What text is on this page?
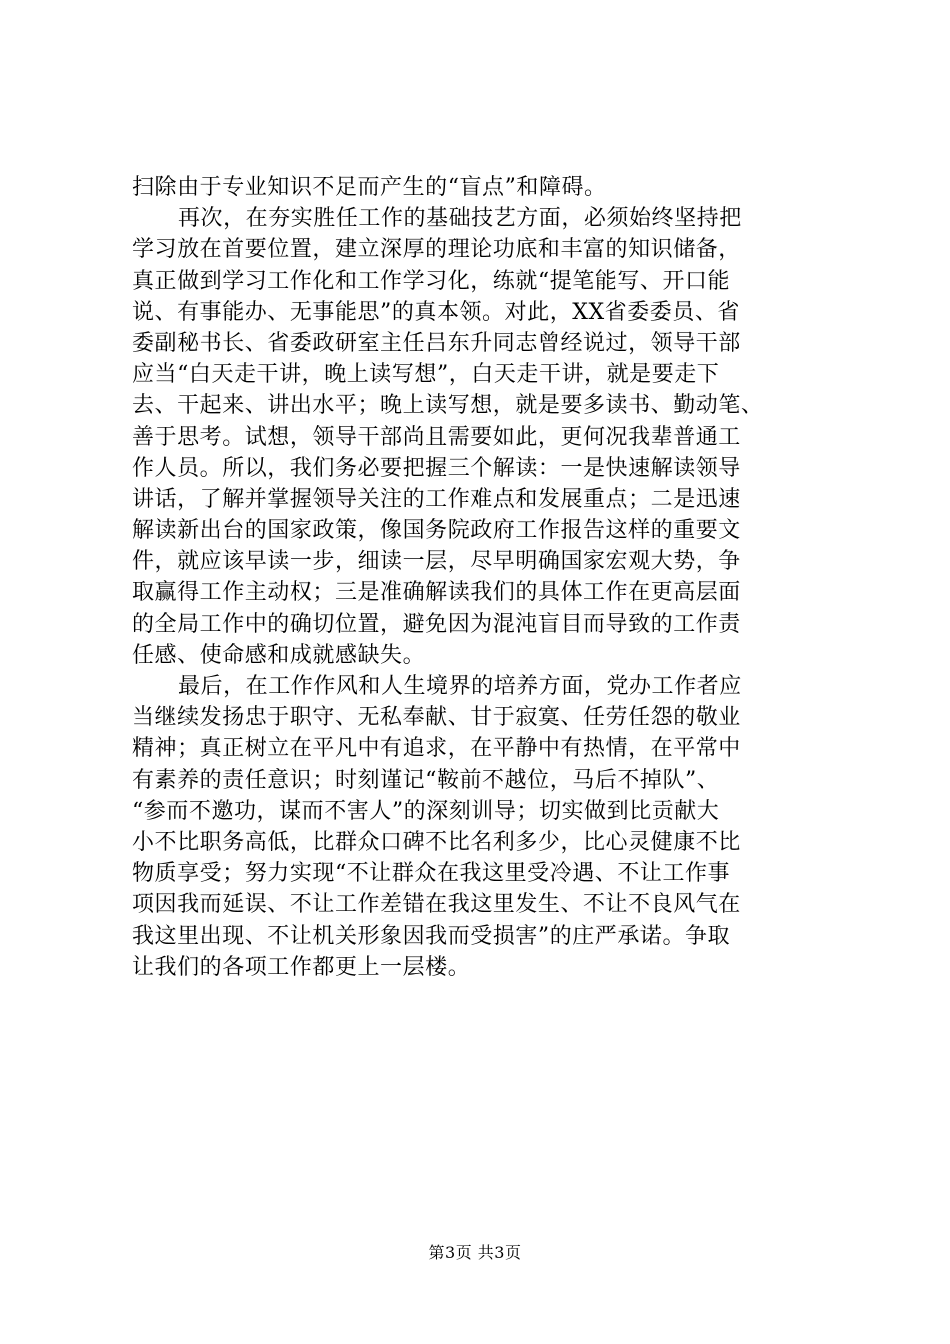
扫除由于专业知识不足而产生的“盲点”和障碍。
再次，在夯实胜任工作的基础技艺方面，必须始终坚持把
学习放在首要位置，建立深厚的理论功底和丰富的知识储备，
真正做到学习工作化和工作学习化，练就“提笔能写、开口能
说、有事能办、无事能思”的真本领。对此，XX省委委员、省
委副秘书长、省委政研室主任吕东升同志曾经说过，领导干部
应当“白天走干讲，晚上读写想”，白天走干讲，就是要走下
去、干起来、讲出水平；晚上读写想，就是要多读书、勤动笔、
善于思考。试想，领导干部尚且需要如此，更何况我辈普通工
作人员。所以，我们务必要把握三个解读：一是快速解读领导
讲话，了解并掌握领导关注的工作难点和发展重点；二是迅速
解读新出台的国家政策，像国务院政府工作报告这样的重要文
件，就应该早读一步，细读一层，尽早明确国家宏观大势，争
取赢得工作主动权；三是准确解读我们的具体工作在更高层面
的全局工作中的确切位置，避免因为混沌盲目而导致的工作责
任感、使命感和成就感缺失。
最后，在工作作风和人生境界的培养方面，党办工作者应
当继续发扬忠于职守、无私奉献、甘于寂寞、任劳任怨的敬业
精神；真正树立在平凡中有追求，在平静中有热情，在平常中
有素养的责任意识；时刻谨记“鞍前不越位，马后不掉队”、
“参而不邀功，谋而不害人”的深刻训导；切实做到比贡献大
小不比职务高低，比群众口碑不比名利多少，比心灵健康不比
物质享受；努力实现“不让群众在我这里受冷遇、不让工作事
项因我而延误、不让工作差错在我这里发生、不让不良风气在
我这里出现、不让机关形象因我而受损害”的庄严承诺。争取
让我们的各项工作都更上一层楼。
第3页 共3页
